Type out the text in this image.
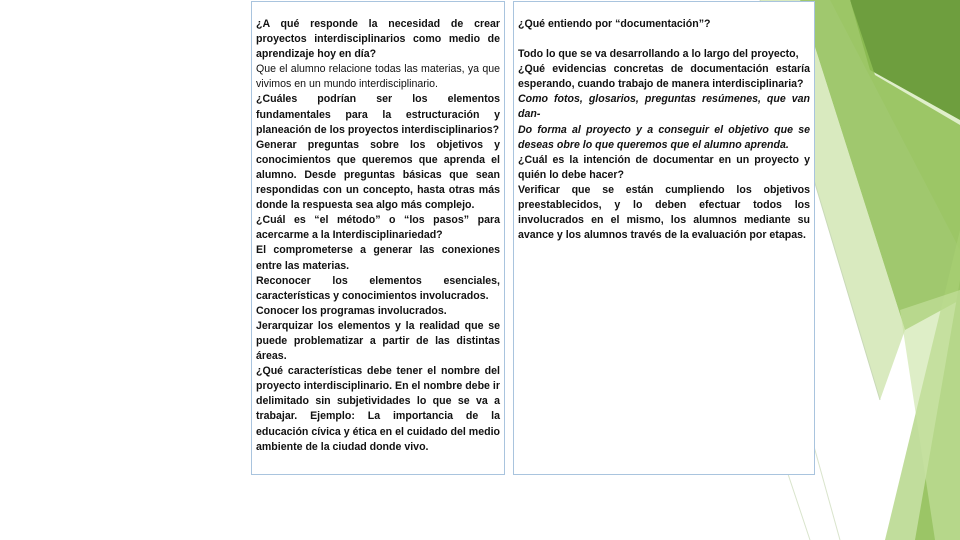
¿A qué responde la necesidad de crear proyectos interdisciplinarios como medio de aprendizaje hoy en día?

Que el alumno relacione todas las materias, ya que vivimos en un mundo interdisciplinario.

¿Cuáles podrían ser los elementos fundamentales para la estructuración y planeación de los proyectos interdisciplinarios?

Generar preguntas sobre los objetivos y conocimientos que queremos que aprenda el alumno. Desde preguntas básicas que sean respondidas con un concepto, hasta otras más donde la respuesta sea algo más complejo.

¿Cuál es “el método” o “los pasos” para acercarme a la Interdisciplinariedad?

El comprometerse a generar las conexiones entre las materias.

Reconocer los elementos esenciales, características y conocimientos involucrados.

Conocer los programas involucrados.

Jerarquizar los elementos y la realidad que se puede problematizar a partir de las distintas áreas.

¿Qué características debe tener el nombre del proyecto interdisciplinario. En el nombre debe ir delimitado sin subjetividades lo que se va a trabajar. Ejemplo: La importancia de la educación cívica y ética en el cuidado del medio ambiente de la ciudad donde vivo.

¿Qué entiendo por “documentación”?

Todo lo que se va desarrollando a lo largo del proyecto,

¿Qué evidencias concretas de documentación estaría esperando, cuando trabajo de manera interdisciplinaria?

Como fotos, glosarios, preguntas resúmenes, que van dan-

Do forma al proyecto y a conseguir el objetivo que se deseas obre lo que queremos que el alumno aprenda.

¿Cuál es la intención de documentar en un proyecto y quién lo debe hacer?

Verificar que se están cumpliendo los objetivos preestablecidos, y lo deben efectuar todos los involucrados en el mismo, los alumnos mediante su avance y los alumnos través de la evaluación por etapas.
